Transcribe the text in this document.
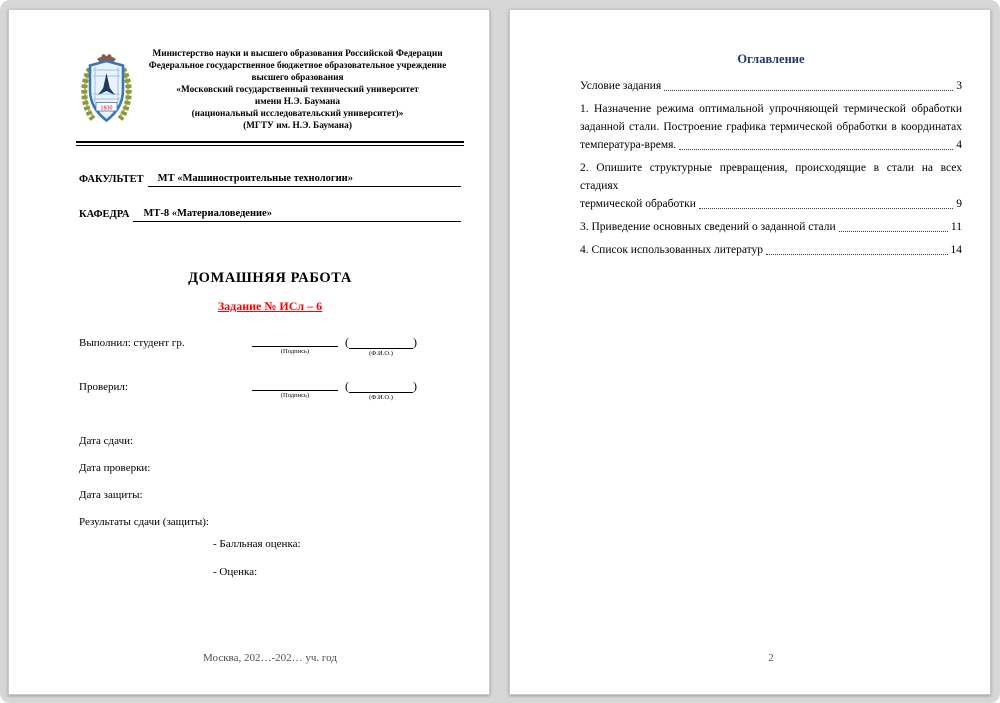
1830
Министерство науки и высшего образования Российской Федерации
Федеральное государственное бюджетное образовательное учреждение
высшего образования
«Московский государственный технический университет
имени Н.Э. Баумана
(национальный исследовательский университет)»
(МГТУ им. Н.Э. Баумана)
ФАКУЛЬТЕТ	МТ «Машиностроительные технологии»
КАФЕДРА	МТ-8 «Материаловедение»
ДОМАШНЯЯ РАБОТА
Задание № ИСл – 6
Выполнил: студент гр.
(Подпись)
(	)
(Ф.И.О.)
Проверил:
(Подпись)
(	)
(Ф.И.О.)
Дата сдачи:
Дата проверки:
Дата защиты:
Результаты сдачи (защиты):
- Балльная оценка:
- Оценка:
Москва, 202…-202… уч. год
Оглавление
Условие задания	3
1. Назначение режима оптимальной упрочняющей термической обработки
заданной стали. Построение графика термической обработки в координатах
температура-время.	4
2. Опишите структурные превращения, происходящие в стали на всех стадиях
термической обработки	9
3. Приведение основных сведений о заданной стали	11
4. Список использованных литератур	14
2
